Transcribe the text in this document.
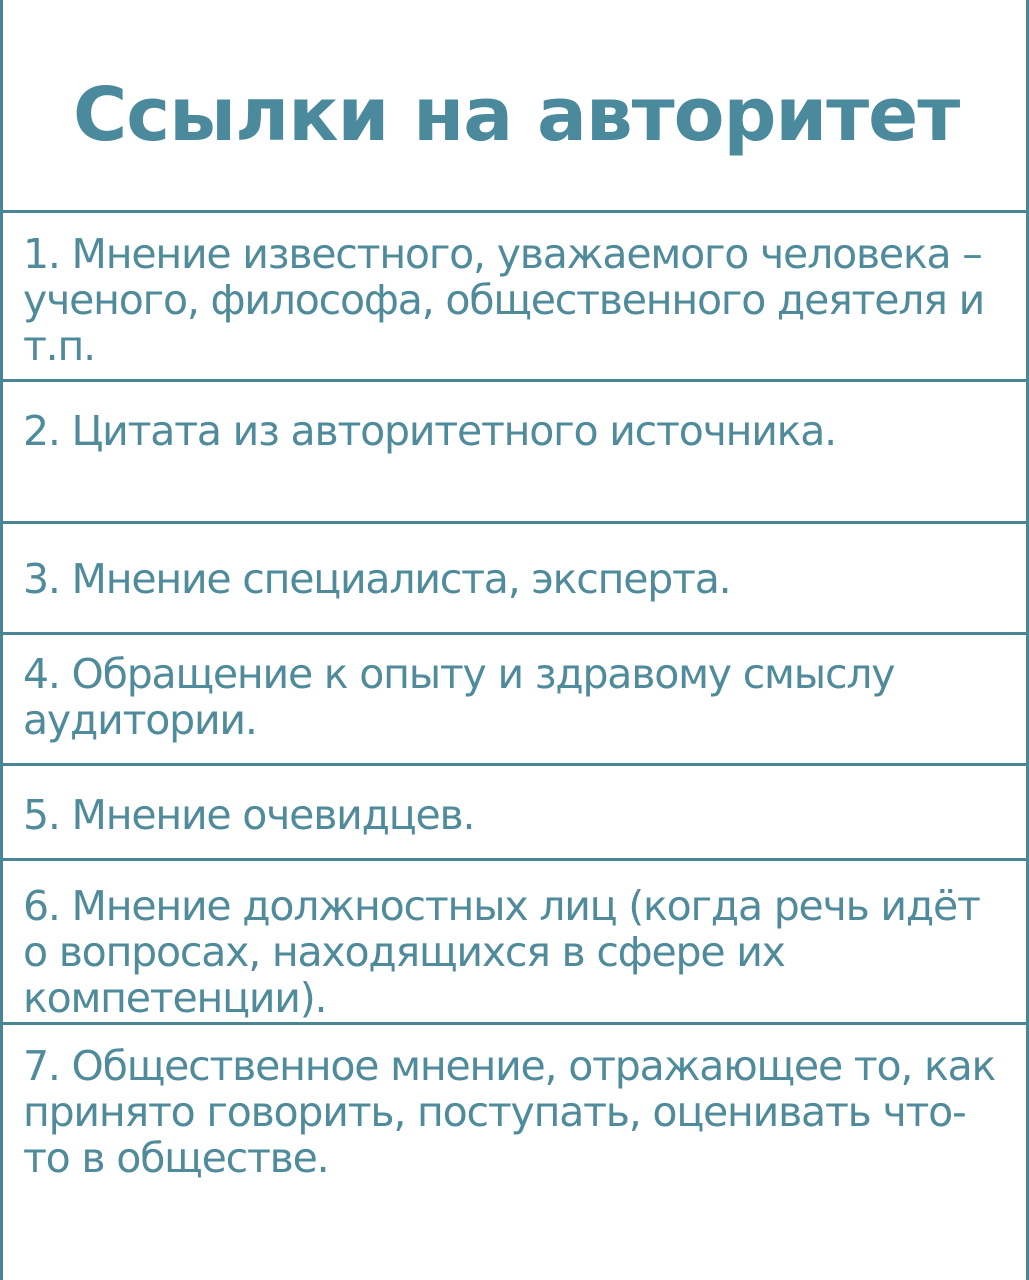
Ссылки на авторитет

1. Мнение известного, уважаемого человека – ученого, философа, общественного деятеля и т.п.

2. Цитата из авторитетного источника.

3. Мнение специалиста, эксперта.

4. Обращение к опыту и здравому смыслу аудитории.

5. Мнение очевидцев.

6. Мнение должностных лиц (когда речь идёт о вопросах, находящихся в сфере их компетенции).

7. Общественное мнение, отражающее то, как принято говорить, поступать, оценивать что-то в обществе.
